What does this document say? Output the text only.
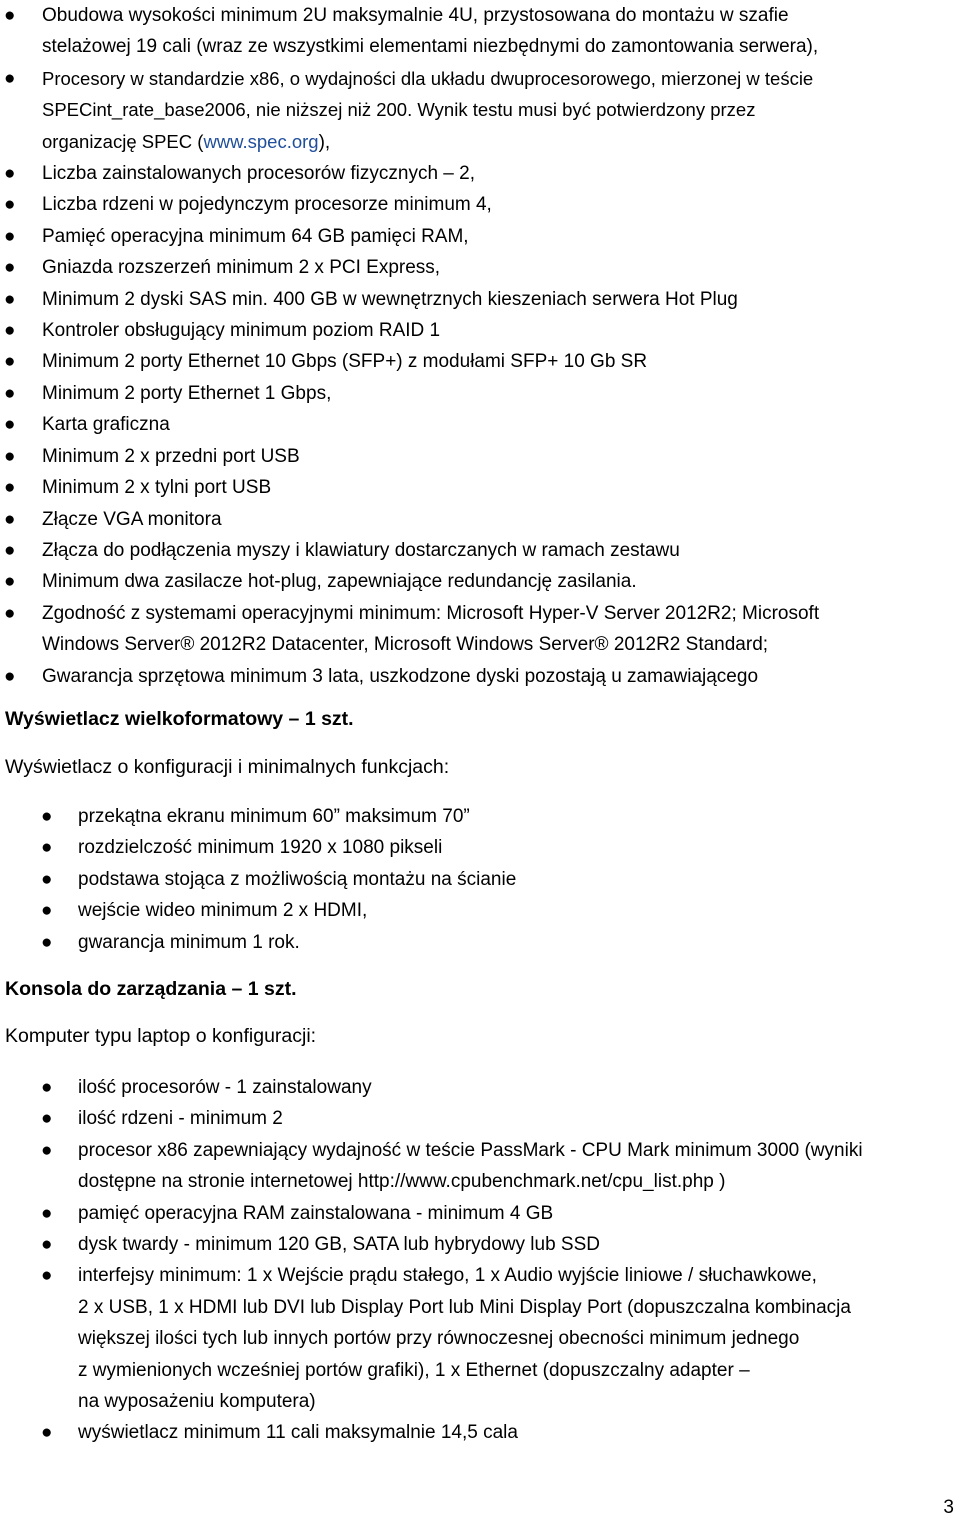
● Obudowa wysokości minimum 2U maksymalnie 4U, przystosowana do montażu w szafie
stelażowej 19 cali (wraz ze wszystkimi elementami niezbędnymi do zamontowania serwera),
● Procesory w standardzie x86, o wydajności dla układu dwuprocesorowego, mierzonej w teście
SPECint_rate_base2006, nie niższej niż 200. Wynik testu musi być potwierdzony przez
organizację SPEC (www.spec.org),
● Liczba zainstalowanych procesorów fizycznych – 2,
● Liczba rdzeni w pojedynczym procesorze minimum 4,
● Pamięć operacyjna minimum 64 GB pamięci RAM,
● Gniazda rozszerzeń minimum 2 x PCI Express,
● Minimum 2 dyski SAS min. 400 GB w wewnętrznych kieszeniach serwera Hot Plug
● Kontroler obsługujący minimum poziom RAID 1
● Minimum 2 porty Ethernet 10 Gbps (SFP+) z modułami SFP+ 10 Gb SR
● Minimum 2 porty Ethernet 1 Gbps,
● Karta graficzna
● Minimum 2 x przedni port USB
● Minimum 2 x tylni port USB
● Złącze VGA monitora
● Złącza do podłączenia myszy i klawiatury dostarczanych w ramach zestawu
● Minimum dwa zasilacze hot-plug, zapewniające redundancję zasilania.
● Zgodność z systemami operacyjnymi minimum: Microsoft Hyper-V Server 2012R2; Microsoft
Windows Server® 2012R2 Datacenter, Microsoft Windows Server® 2012R2 Standard;
● Gwarancja sprzętowa minimum 3 lata, uszkodzone dyski pozostają u zamawiającego
Wyświetlacz wielkoformatowy – 1 szt.
Wyświetlacz o konfiguracji i minimalnych funkcjach:
● przekątna ekranu minimum 60” maksimum 70”
● rozdzielczość minimum 1920 x 1080 pikseli
● podstawa stojąca z możliwością montażu na ścianie
● wejście wideo minimum 2 x HDMI,
● gwarancja minimum 1 rok.
Konsola do zarządzania – 1 szt.
Komputer typu laptop o konfiguracji:
● ilość procesorów - 1 zainstalowany
● ilość rdzeni - minimum 2
● procesor x86 zapewniający wydajność w teście PassMark - CPU Mark minimum 3000 (wyniki
dostępne na stronie internetowej http://www.cpubenchmark.net/cpu_list.php )
● pamięć operacyjna RAM zainstalowana - minimum 4 GB
● dysk twardy - minimum 120 GB, SATA lub hybrydowy lub SSD
● interfejsy minimum: 1 x Wejście prądu stałego, 1 x Audio wyjście liniowe / słuchawkowe,
2 x USB, 1 x HDMI lub DVI lub Display Port lub Mini Display Port (dopuszczalna kombinacja
większej ilości tych lub innych portów przy równoczesnej obecności minimum jednego
z wymienionych wcześniej portów grafiki), 1 x Ethernet (dopuszczalny adapter –
na wyposażeniu komputera)
● wyświetlacz minimum 11 cali maksymalnie 14,5 cala
3
